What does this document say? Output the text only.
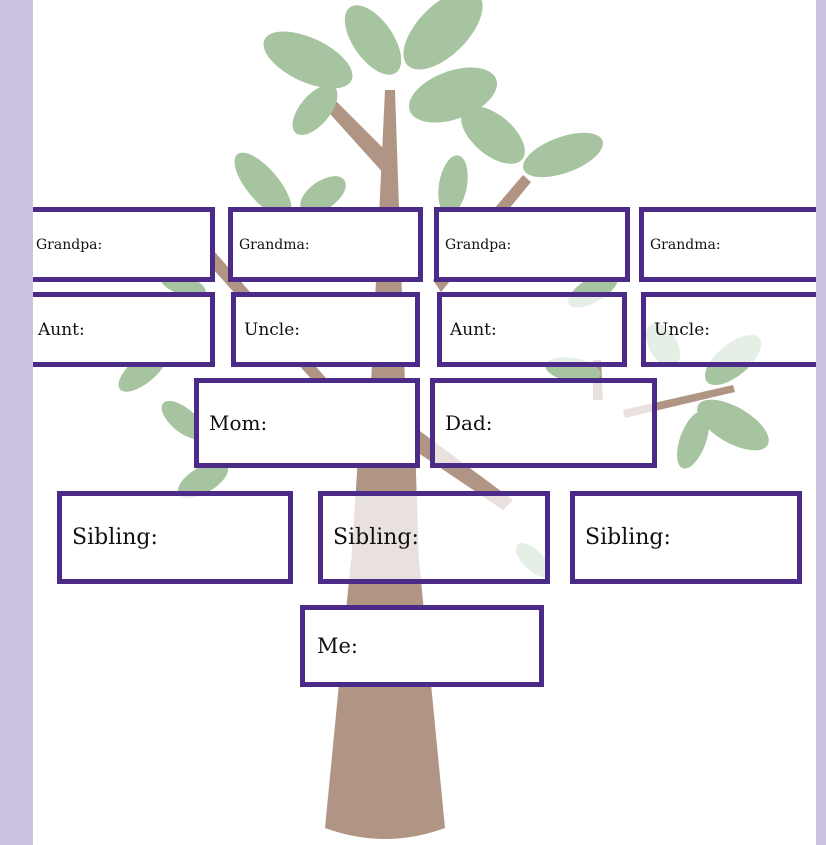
Grandpa:	Grandma:	Grandpa:	Grandma:
Aunt:	Uncle:	Aunt:	Uncle:
Mom:	Dad:
Sibling:	Sibling:	Sibling:
Me:
